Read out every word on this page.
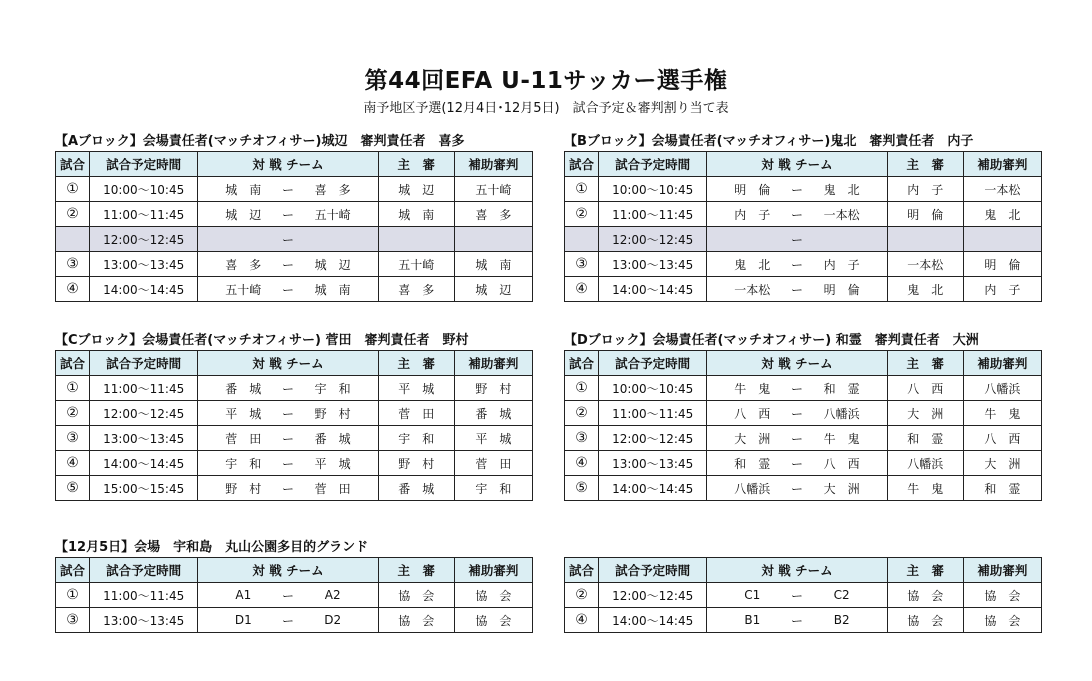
第44回EFA U-11サッカー選手権
南予地区予選(12月4日･12月5日)　試合予定＆審判割り当て表
【Aブロック】会場責任者(マッチオフィサー)城辺　審判責任者　喜多
試合	試合予定時間	対 戦 チーム	主　審	補助審判
①	10:00～10:45	城　南 ー 喜　多	城　辺	五十崎
②	11:00～11:45	城　辺 ー 五十崎	城　南	喜　多
	12:00～12:45	ー		

③	13:00～13:45	喜　多 ー 城　辺	五十崎	城　南
④	14:00～14:45	五十崎 ー 城　南	喜　多	城　辺
【Bブロック】会場責任者(マッチオフィサー)鬼北　審判責任者　内子
試合	試合予定時間	対 戦 チーム	主　審	補助審判
①	10:00～10:45	明　倫 ー 鬼　北	内　子	一本松
②	11:00～11:45	内　子 ー 一本松	明　倫	鬼　北
	12:00～12:45	ー		

③	13:00～13:45	鬼　北 ー 内　子	一本松	明　倫
④	14:00～14:45	一本松 ー 明　倫	鬼　北	内　子
【Cブロック】会場責任者(マッチオフィサー) 菅田　審判責任者　野村
試合	試合予定時間	対 戦 チーム	主　審	補助審判
①	11:00～11:45	番　城 ー 宇　和	平　城	野　村
②	12:00～12:45	平　城 ー 野　村	菅　田	番　城
③	13:00～13:45	菅　田 ー 番　城	宇　和	平　城
④	14:00～14:45	宇　和 ー 平　城	野　村	菅　田
⑤	15:00～15:45	野　村 ー 菅　田	番　城	宇　和
【Dブロック】会場責任者(マッチオフィサー) 和霊　審判責任者　大洲
試合	試合予定時間	対 戦 チーム	主　審	補助審判
①	10:00～10:45	牛　鬼 ー 和　霊	八　西	八幡浜
②	11:00～11:45	八　西 ー 八幡浜	大　洲	牛　鬼
③	12:00～12:45	大　洲 ー 牛　鬼	和　霊	八　西
④	13:00～13:45	和　霊 ー 八　西	八幡浜	大　洲
⑤	14:00～14:45	八幡浜 ー 大　洲	牛　鬼	和　霊
【12月5日】会場　宇和島　丸山公園多目的グランド
試合	試合予定時間	対 戦 チーム	主　審	補助審判
①	11:00～11:45	A1 ー A2	協　会	協　会
③	13:00～13:45	D1 ー D2	協　会	協　会
試合	試合予定時間	対 戦 チーム	主　審	補助審判
②	12:00～12:45	C1 ー C2	協　会	協　会
④	14:00～14:45	B1 ー B2	協　会	協　会
